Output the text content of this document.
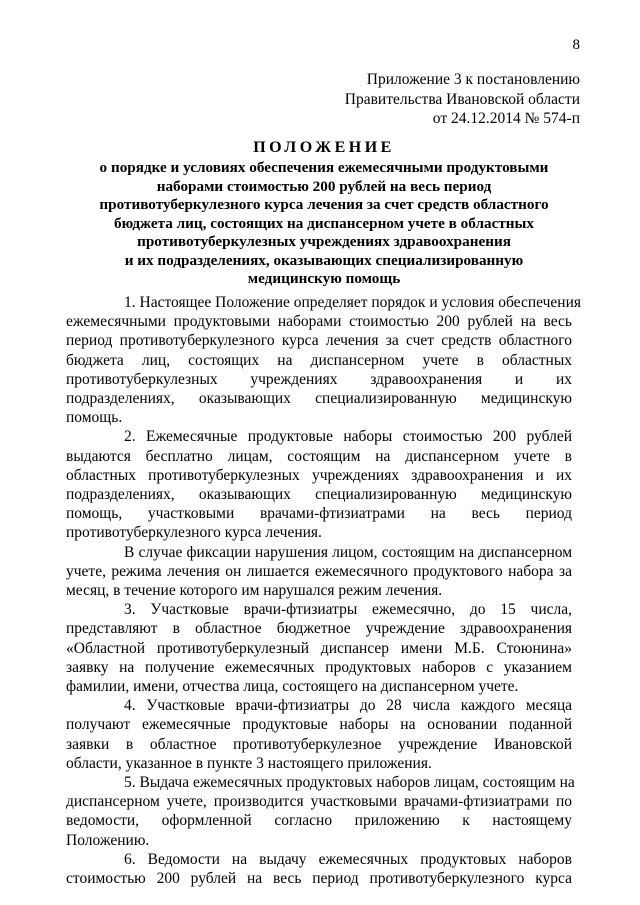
8
Приложение 3 к постановлению
Правительства Ивановской области
от 24.12.2014 № 574-п
ПОЛОЖЕНИЕ
о порядке и условиях обеспечения ежемесячными продуктовыми
наборами стоимостью 200 рублей на весь период
противотуберкулезного курса лечения за счет средств областного
бюджета лиц, состоящих на диспансерном учете в областных
противотуберкулезных учреждениях здравоохранения
и их подразделениях, оказывающих специализированную
медицинскую помощь
1. Настоящее Положение определяет порядок и условия обеспечения
ежемесячными продуктовыми наборами стоимостью 200 рублей на весь
период противотуберкулезного курса лечения за счет средств областного
бюджета лиц, состоящих на диспансерном учете в областных
противотуберкулезных учреждениях здравоохранения и их
подразделениях, оказывающих специализированную медицинскую
помощь.
2. Ежемесячные продуктовые наборы стоимостью 200 рублей
выдаются бесплатно лицам, состоящим на диспансерном учете в
областных противотуберкулезных учреждениях здравоохранения и их
подразделениях, оказывающих специализированную медицинскую
помощь, участковыми врачами-фтизиатрами на весь период
противотуберкулезного курса лечения.
В случае фиксации нарушения лицом, состоящим на диспансерном
учете, режима лечения он лишается ежемесячного продуктового набора за
месяц, в течение которого им нарушался режим лечения.
3. Участковые врачи-фтизиатры ежемесячно, до 15 числа,
представляют в областное бюджетное учреждение здравоохранения
«Областной противотуберкулезный диспансер имени М.Б. Стоюнина»
заявку на получение ежемесячных продуктовых наборов с указанием
фамилии, имени, отчества лица, состоящего на диспансерном учете.
4. Участковые врачи-фтизиатры до 28 числа каждого месяца
получают ежемесячные продуктовые наборы на основании поданной
заявки в областное противотуберкулезное учреждение Ивановской
области, указанное в пункте 3 настоящего приложения.
5. Выдача ежемесячных продуктовых наборов лицам, состоящим на
диспансерном учете, производится участковыми врачами-фтизиатрами по
ведомости, оформленной согласно приложению к настоящему
Положению.
6. Ведомости на выдачу ежемесячных продуктовых наборов
стоимостью 200 рублей на весь период противотуберкулезного курса
